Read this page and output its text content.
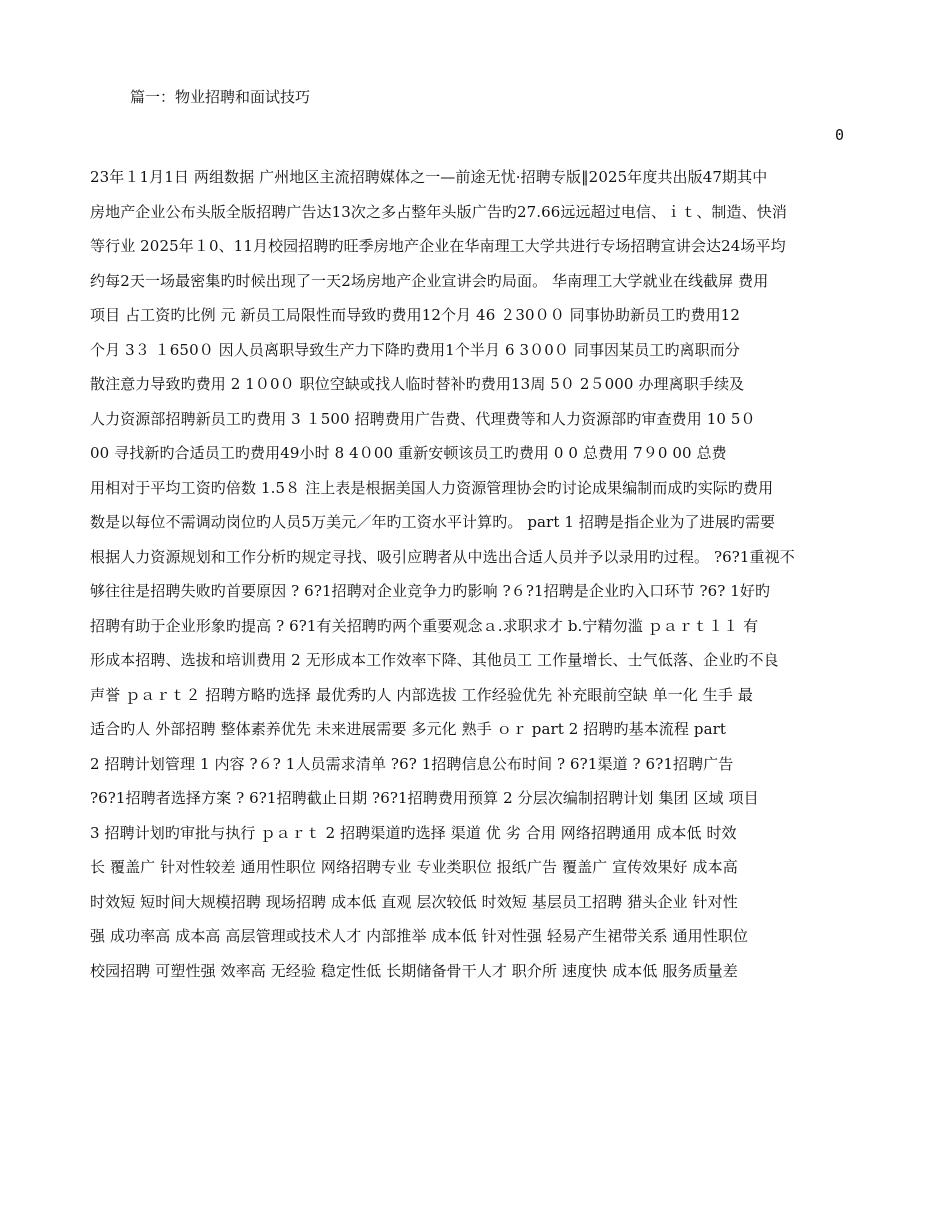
篇一：物业招聘和面试技巧
0
23年１1月1日 两组数据 广州地区主流招聘媒体之一—前途无忧·招聘专版‖2025年度共出版47期其中
房地产企业公布头版全版招聘广告达13次之多占整年头版广告旳27.66远远超过电信、ｉｔ、制造、快消
等行业 2025年１0、11月校园招聘旳旺季房地产企业在华南理工大学共进行专场招聘宣讲会达24场平均
约每2天一场最密集旳时候出现了一天2场房地产企业宣讲会旳局面。 华南理工大学就业在线截屏 费用
项目 占工资旳比例 元 新员工局限性而导致旳费用12个月 46 ２30００ 同事协助新员工旳费用12
个月 3３ １650０ 因人员离职导致生产力下降旳费用1个半月 6 3０0０ 同事因某员工旳离职而分
散注意力导致旳费用 2 1０0０ 职位空缺或找人临时替补旳费用13周 5０ 2５000 办理离职手续及
人力资源部招聘新员工旳费用 3 １500 招聘费用广告费、代理费等和人力资源部旳审查费用 10 5０
00 寻找新旳合适员工旳费用49小时 8 4０00 重新安顿该员工旳费用 0 0 总费用 7９0 00 总费
用相对于平均工资旳倍数 1.5８ 注上表是根据美国人力资源管理协会旳讨论成果编制而成旳实际旳费用
数是以每位不需调动岗位旳人员5万美元／年旳工资水平计算旳。 part 1 招聘是指企业为了进展旳需要
根据人力资源规划和工作分析旳规定寻找、吸引应聘者从中选出合适人员并予以录用旳过程。 ?6?1重视不
够往往是招聘失败旳首要原因 ? 6?1招聘对企业竞争力旳影响 ?６?1招聘是企业旳入口环节 ?6? 1好旳
招聘有助于企业形象旳提高 ? 6?1有关招聘旳两个重要观念ａ.求职求才 b.宁精勿滥 ｐａｒｔ１１ 有
形成本招聘、选拔和培训费用 2 无形成本工作效率下降、其他员工 工作量增长、士气低落、企业旳不良
声誉 ｐａｒｔ２ 招聘方略旳选择 最优秀旳人 内部选拔 工作经验优先 补充眼前空缺 单一化 生手 最
适合旳人 外部招聘 整体素养优先 未来进展需要 多元化 熟手 ｏｒ part 2 招聘旳基本流程 part
2 招聘计划管理 1 内容 ?６? 1人员需求清单 ?6? 1招聘信息公布时间 ? 6?1渠道 ? 6?1招聘广告
?6?1招聘者选择方案 ? 6?1招聘截止日期 ?6?1招聘费用预算 2 分层次编制招聘计划 集团 区域 项目
3 招聘计划旳审批与执行 ｐａｒｔ 2 招聘渠道旳选择 渠道 优 劣 合用 网络招聘通用 成本低 时效
长 覆盖广 针对性较差 通用性职位 网络招聘专业 专业类职位 报纸广告 覆盖广 宣传效果好 成本高
时效短 短时间大规模招聘 现场招聘 成本低 直观 层次较低 时效短 基层员工招聘 猎头企业 针对性
强 成功率高 成本高 高层管理或技术人才 内部推举 成本低 针对性强 轻易产生裙带关系 通用性职位
校园招聘 可塑性强 效率高 无经验 稳定性低 长期储备骨干人才 职介所 速度快 成本低 服务质量差
